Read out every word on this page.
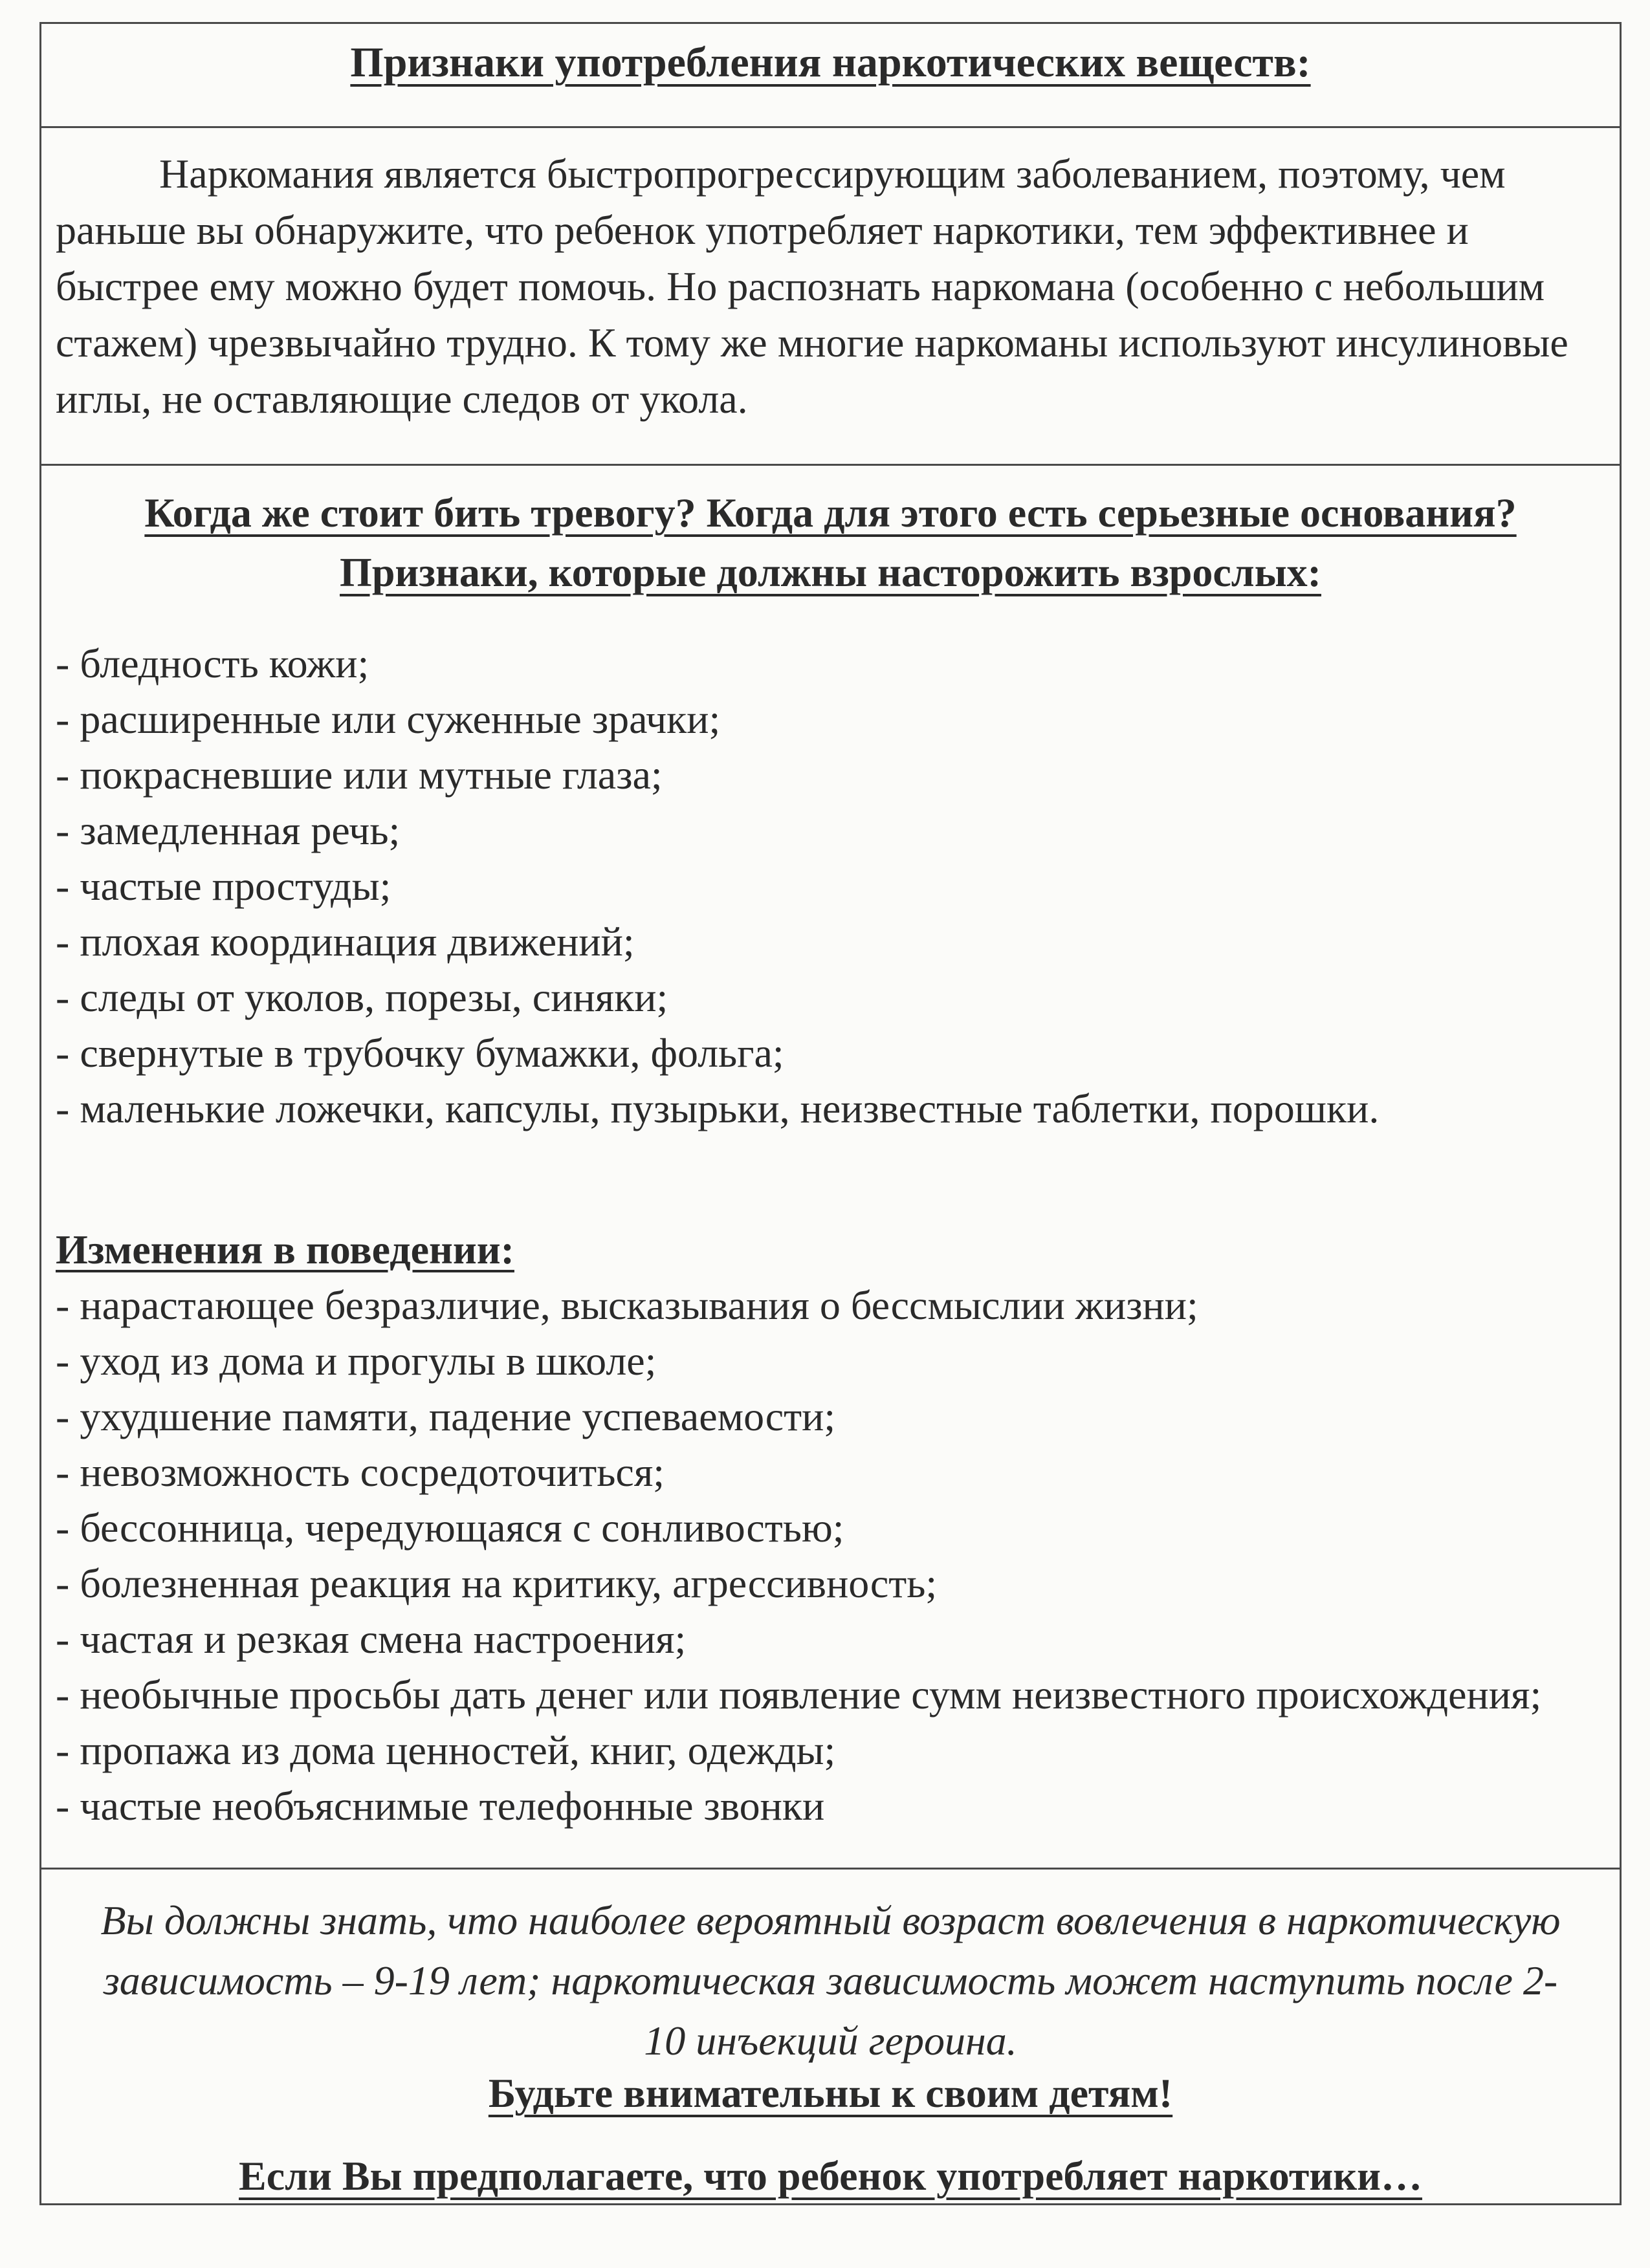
Признаки употребления наркотических веществ:

Наркомания является быстропрогрессирующим заболеванием, поэтому, чем раньше вы обнаружите, что ребенок употребляет наркотики, тем эффективнее и быстрее ему можно будет помочь. Но распознать наркомана (особенно с небольшим стажем) чрезвычайно трудно. К тому же многие наркоманы используют инсулиновые иглы, не оставляющие следов от укола.

Когда же стоит бить тревогу? Когда для этого есть серьезные основания? Признаки, которые должны насторожить взрослых:
- бледность кожи;
- расширенные или суженные зрачки;
- покрасневшие или мутные глаза;
- замедленная речь;
- частые простуды;
- плохая координация движений;
- следы от уколов, порезы, синяки;
- свернутые в трубочку бумажки, фольга;
- маленькие ложечки, капсулы, пузырьки, неизвестные таблетки, порошки.
Изменения в поведении:
- нарастающее безразличие, высказывания о бессмыслии жизни;
- уход из дома и прогулы в школе;
- ухудшение памяти, падение успеваемости;
- невозможность сосредоточиться;
- бессонница, чередующаяся с сонливостью;
- болезненная реакция на критику, агрессивность;
- частая и резкая смена настроения;
- необычные просьбы дать денег или появление сумм неизвестного происхождения;
- пропажа из дома ценностей, книг, одежды;
- частые необъяснимые телефонные звонки

Вы должны знать, что наиболее вероятный возраст вовлечения в наркотическую зависимость – 9-19 лет; наркотическая зависимость может наступить после 2-10 инъекций героина.

Будьте внимательны к своим детям!
Если Вы предполагаете, что ребенок употребляет наркотики…
